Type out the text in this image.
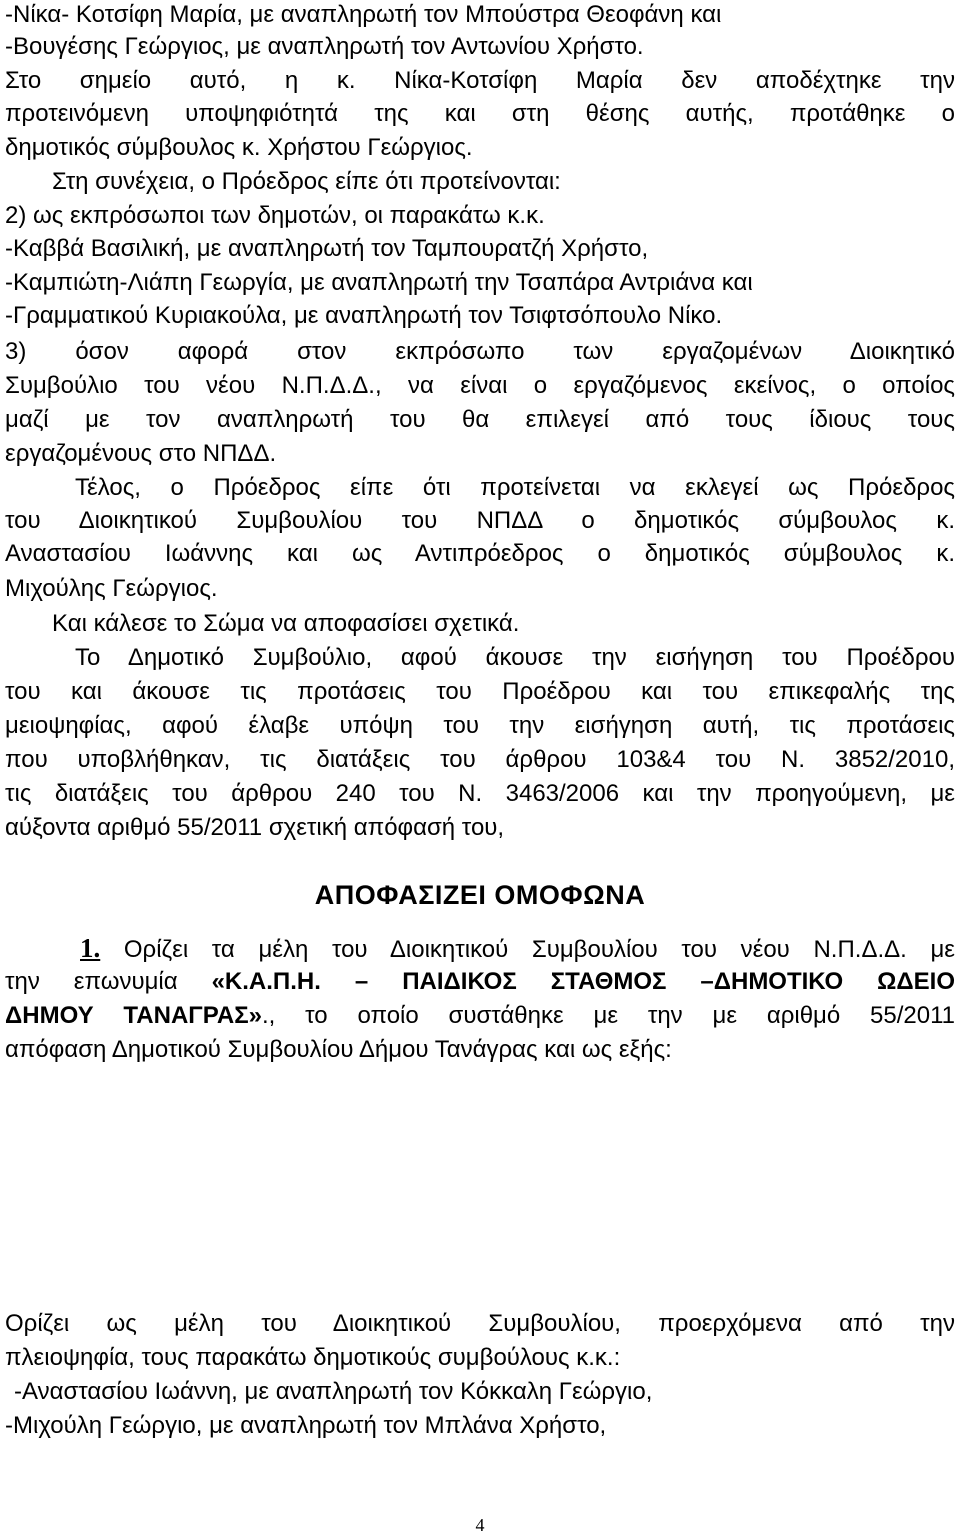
-Νίκα- Κοτσίφη Μαρία, με αναπληρωτή τον Μπούστρα Θεοφάνη και
-Βουγέσης Γεώργιος, με αναπληρωτή τον Αντωνίου Χρήστο.
Στο σημείο αυτό, η κ. Νίκα-Κοτσίφη Μαρία δεν αποδέχτηκε την
προτεινόμενη υποψηφιότητά της και στη θέσης αυτής, προτάθηκε ο
δημοτικός σύμβουλος κ. Χρήστου Γεώργιος.
Στη συνέχεια, ο Πρόεδρος είπε ότι προτείνονται:
2) ως εκπρόσωποι των δημοτών, οι παρακάτω κ.κ.
-Καββά Βασιλική, με αναπληρωτή τον Ταμπουρατζή Χρήστο,
-Καμπιώτη-Λιάπη Γεωργία, με αναπληρωτή την Τσαπάρα Αντριάνα και
-Γραμματικού Κυριακούλα, με αναπληρωτή τον Τσιφτσόπουλο Νίκο.
3) όσον αφορά στον εκπρόσωπο των εργαζομένων Διοικητικό
Συμβούλιο του νέου Ν.Π.Δ.Δ., να είναι ο εργαζόμενος εκείνος, ο οποίος
μαζί με τον αναπληρωτή του θα επιλεγεί από τους ίδιους τους
εργαζομένους στο ΝΠΔΔ.
Τέλος, ο Πρόεδρος είπε ότι προτείνεται να εκλεγεί ως Πρόεδρος
του Διοικητικού Συμβουλίου του ΝΠΔΔ ο δημοτικός σύμβουλος κ.
Αναστασίου Ιωάννης και ως Αντιπρόεδρος ο δημοτικός σύμβουλος κ.
Μιχούλης Γεώργιος.
Και κάλεσε το Σώμα να αποφασίσει σχετικά.
Το Δημοτικό Συμβούλιο, αφού άκουσε την εισήγηση του Προέδρου
του και άκουσε τις προτάσεις του Προέδρου και του επικεφαλής της
μειοψηφίας, αφού έλαβε υπόψη του την εισήγηση αυτή, τις προτάσεις
που υποβλήθηκαν, τις διατάξεις του άρθρου 103&4 του Ν. 3852/2010,
τις διατάξεις του άρθρου 240 του Ν. 3463/2006 και την προηγούμενη, με
αύξοντα αριθμό 55/2011 σχετική απόφασή του,
ΑΠΟΦΑΣΙΖΕΙ ΟΜΟΦΩΝΑ
1. Ορίζει τα μέλη του Διοικητικού Συμβουλίου του νέου Ν.Π.Δ.Δ. με
την επωνυμία «Κ.Α.Π.Η. – ΠΑΙΔΙΚΟΣ ΣΤΑΘΜΟΣ –ΔΗΜΟΤΙΚΟ ΩΔΕΙΟ
ΔΗΜΟΥ ΤΑΝΑΓΡΑΣ»., το οποίο συστάθηκε με την με αριθμό 55/2011
απόφαση Δημοτικού Συμβουλίου Δήμου Τανάγρας και ως εξής:
Ορίζει ως μέλη του Διοικητικού Συμβουλίου, προερχόμενα από την
πλειοψηφία, τους παρακάτω δημοτικούς συμβούλους κ.κ.:
-Αναστασίου Ιωάννη, με αναπληρωτή τον Κόκκαλη Γεώργιο,
-Μιχούλη Γεώργιο, με αναπληρωτή τον Μπλάνα Χρήστο,
4
